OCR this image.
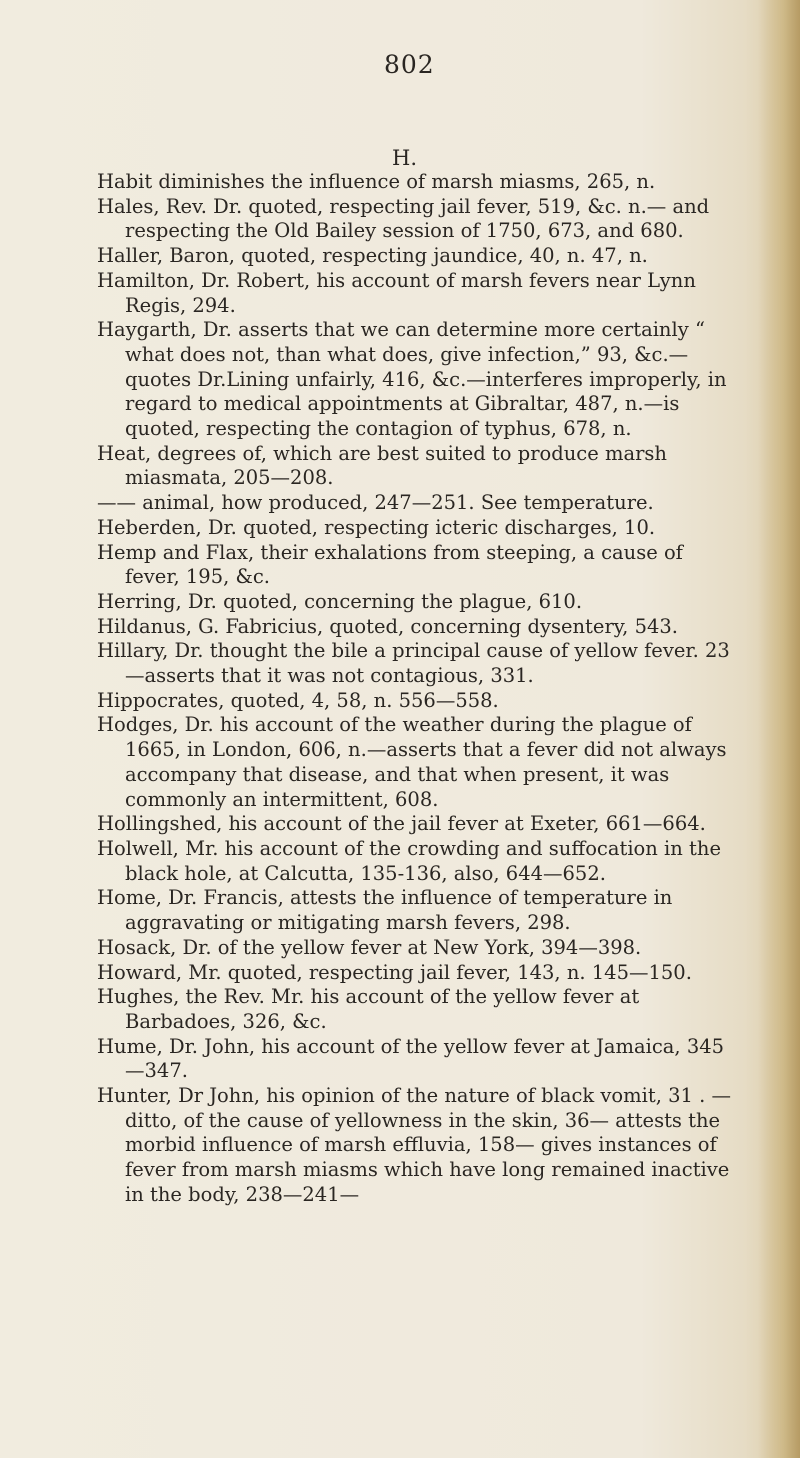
802
H.
Habit diminishes the influence of marsh miasms, 265, n.
Hales, Rev. Dr. quoted, respecting jail fever, 519, &c. n.— and respecting the Old Bailey session of 1750, 673, and 680.
Haller, Baron, quoted, respecting jaundice, 40, n. 47, n.
Hamilton, Dr. Robert, his account of marsh fevers near Lynn Regis, 294.
Haygarth, Dr. asserts that we can determine more certainly “ what does not, than what does, give infection,” 93, &c.—quotes Dr.Lining unfairly, 416, &c.—interferes improperly, in regard to medical appointments at Gibraltar, 487, n.—is quoted, respecting the contagion of typhus, 678, n.
Heat, degrees of, which are best suited to produce marsh miasmata, 205—208.
—— animal, how produced, 247—251. See temperature.
Heberden, Dr. quoted, respecting icteric discharges, 10.
Hemp and Flax, their exhalations from steeping, a cause of fever, 195, &c.
Herring, Dr. quoted, concerning the plague, 610.
Hildanus, G. Fabricius, quoted, concerning dysentery, 543.
Hillary, Dr. thought the bile a principal cause of yellow fever. 23—asserts that it was not contagious, 331.
Hippocrates, quoted, 4, 58, n. 556—558.
Hodges, Dr. his account of the weather during the plague of 1665, in London, 606, n.—asserts that a fever did not always accompany that disease, and that when present, it was commonly an intermittent, 608.
Hollingshed, his account of the jail fever at Exeter, 661—664.
Holwell, Mr. his account of the crowding and suffocation in the black hole, at Calcutta, 135-136, also, 644—652.
Home, Dr. Francis, attests the influence of temperature in aggravating or mitigating marsh fevers, 298.
Hosack, Dr. of the yellow fever at New York, 394—398.
Howard, Mr. quoted, respecting jail fever, 143, n. 145—150.
Hughes, the Rev. Mr. his account of the yellow fever at Barbadoes, 326, &c.
Hume, Dr. John, his account of the yellow fever at Jamaica, 345—347.
Hunter, Dr John, his opinion of the nature of black vomit, 31 . —ditto, of the cause of yellowness in the skin, 36— attests the morbid influence of marsh effluvia, 158— gives instances of fever from marsh miasms which have long remained inactive in the body, 238—241—
